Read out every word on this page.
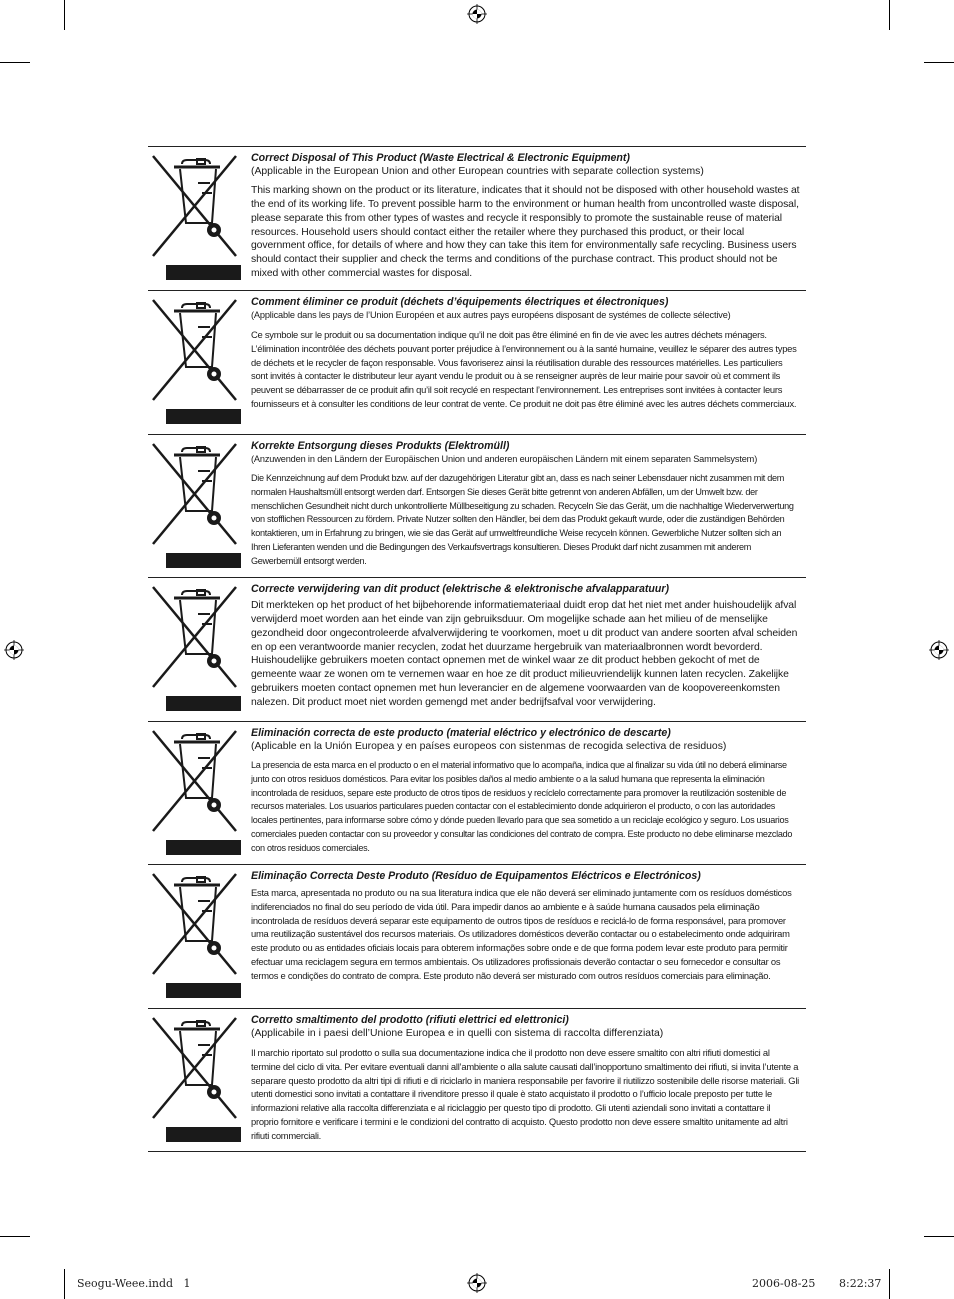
Correct Disposal of This Product (Waste Electrical & Electronic Equipment)

(Applicable in the European Union and other European countries with separate collection systems)

This marking shown on the product or its literature, indicates that it should not be disposed with other household wastes at the end of its working life. To prevent possible harm to the environment or human health from uncontrolled waste disposal, please separate this from other types of wastes and recycle it responsibly to promote the sustainable reuse of material resources. Household users should contact either the retailer where they purchased this product, or their local government office, for details of where and how they can take this item for environmentally safe recycling. Business users should contact their supplier and check the terms and conditions of the purchase contract. This product should not be mixed with other commercial wastes for disposal.

Comment éliminer ce produit (déchets d’équipements électriques et électroniques)

(Applicable dans les pays de l’Union Européen et aux autres pays européens disposant de systémes de collecte sélective)

Ce symbole sur le produit ou sa documentation indique qu’il ne doit pas être éliminé en fin de vie avec les autres déchets ménagers. L’élimination incontrôlée des déchets pouvant porter préjudice à l’environnement ou à la santé humaine, veuillez le séparer des autres types de déchets et le recycler de façon responsable. Vous favoriserez ainsi la réutilisation durable des ressources matérielles. Les particuliers sont invités à contacter le distributeur leur ayant vendu le produit ou à se renseigner auprès de leur mairie pour savoir où et comment ils peuvent se débarrasser de ce produit afin qu’il soit recyclé en respectant l’environnement. Les entreprises sont invitées à contacter leurs fournisseurs et à consulter les conditions de leur contrat de vente. Ce produit ne doit pas être éliminé avec les autres déchets commerciaux.

Korrekte Entsorgung dieses Produkts (Elektromüll)

(Anzuwenden in den Ländern der Europäischen Union und anderen europäischen Ländern mit einem separaten Sammelsystem)

Die Kennzeichnung auf dem Produkt bzw. auf der dazugehörigen Literatur gibt an, dass es nach seiner Lebensdauer nicht zusammen mit dem normalen Haushaltsmüll entsorgt werden darf. Entsorgen Sie dieses Gerät bitte getrennt von anderen Abfällen, um der Umwelt bzw. der menschlichen Gesundheit nicht durch unkontrollierte Müllbeseitigung zu schaden. Recyceln Sie das Gerät, um die nachhaltige Wiederverwertung von stofflichen Ressourcen zu fördern. Private Nutzer sollten den Händler, bei dem das Produkt gekauft wurde, oder die zuständigen Behörden kontaktieren, um in Erfahrung zu bringen, wie sie das Gerät auf umweltfreundliche Weise recyceln können. Gewerbliche Nutzer sollten sich an Ihren Lieferanten wenden und die Bedingungen des Verkaufsvertrags konsultieren. Dieses Produkt darf nicht zusammen mit anderem Gewerbemüll entsorgt werden.

Correcte verwijdering van dit product (elektrische & elektronische afvalapparatuur)

Dit merkteken op het product of het bijbehorende informatiemateriaal duidt erop dat het niet met ander huishoudelijk afval verwijderd moet worden aan het einde van zijn gebruiksduur. Om mogelijke schade aan het milieu of de menselijke gezondheid door ongecontroleerde afvalverwijdering te voorkomen, moet u dit product van andere soorten afval scheiden en op een verantwoorde manier recyclen, zodat het duurzame hergebruik van materiaalbronnen wordt bevorderd. Huishoudelijke gebruikers moeten contact opnemen met de winkel waar ze dit product hebben gekocht of met de gemeente waar ze wonen om te vernemen waar en hoe ze dit product milieuvriendelijk kunnen laten recyclen. Zakelijke gebruikers moeten contact opnemen met hun leverancier en de algemene voorwaarden van de koopovereenkomsten nalezen. Dit product moet niet worden gemengd met ander bedrijfsafval voor verwijdering.

Eliminación correcta de este producto (material eléctrico y electrónico de descarte)

(Aplicable en la Unión Europea y en países europeos con sistenmas de recogida selectiva de residuos)

La presencia de esta marca en el producto o en el material informativo que lo acompaña, indica que al finalizar su vida útil no deberá eliminarse junto con otros residuos domésticos. Para evitar los posibles daños al medio ambiente o a la salud humana que representa la eliminación incontrolada de residuos, separe este producto de otros tipos de residuos y recíclelo correctamente para promover la reutilización sostenible de recursos materiales. Los usuarios particulares pueden contactar con el establecimiento donde adquirieron el producto, o con las autoridades locales pertinentes, para informarse sobre cómo y dónde pueden llevarlo para que sea sometido a un reciclaje ecológico y seguro. Los usuarios comerciales pueden contactar con su proveedor y consultar las condiciones del contrato de compra. Este producto no debe eliminarse mezclado con otros residuos comerciales.

Eliminação Correcta Deste Produto (Resíduo de Equipamentos Eléctricos e Electrónicos)

Esta marca, apresentada no produto ou na sua literatura indica que ele não deverá ser eliminado juntamente com os resíduos domésticos indiferenciados no final do seu período de vida útil. Para impedir danos ao ambiente e à saúde humana causados pela eliminação incontrolada de resíduos deverá separar este equipamento de outros tipos de resíduos e reciclá-lo de forma responsável, para promover uma reutilização sustentável dos recursos materiais. Os utilizadores domésticos deverão contactar ou o estabelecimento onde adquiriram este produto ou as entidades oficiais locais para obterem informações sobre onde e de que forma podem levar este produto para permitir efectuar uma reciclagem segura em termos ambientais. Os utilizadores profissionais deverão contactar o seu fornecedor e consultar os termos e condições do contrato de compra. Este produto não deverá ser misturado com outros resíduos comerciais para eliminação.

Corretto smaltimento del prodotto (rifiuti elettrici ed elettronici)

(Applicabile in i paesi dell’Unione Europea e in quelli con sistema di raccolta differenziata)

Il marchio riportato sul prodotto o sulla sua documentazione indica che il prodotto non deve essere smaltito con altri rifiuti domestici al termine del ciclo di vita. Per evitare eventuali danni all’ambiente o alla salute causati dall’inopportuno smaltimento dei rifiuti, si invita l’utente a separare questo prodotto da altri tipi di rifiuti e di riciclarlo in maniera responsabile per favorire il riutilizzo sostenibile delle risorse materiali. Gli utenti domestici sono invitati a contattare il rivenditore presso il quale è stato acquistato il prodotto o l’ufficio locale preposto per tutte le informazioni relative alla raccolta differenziata e al riciclaggio per questo tipo di prodotto. Gli utenti aziendali sono invitati a contattare il proprio fornitore e verificare i termini e le condizioni del contratto di acquisto. Questo prodotto non deve essere smaltito unitamente ad altri rifiuti commerciali.

Seogu-Weee.indd   1	2006-08-25 8:22:37
